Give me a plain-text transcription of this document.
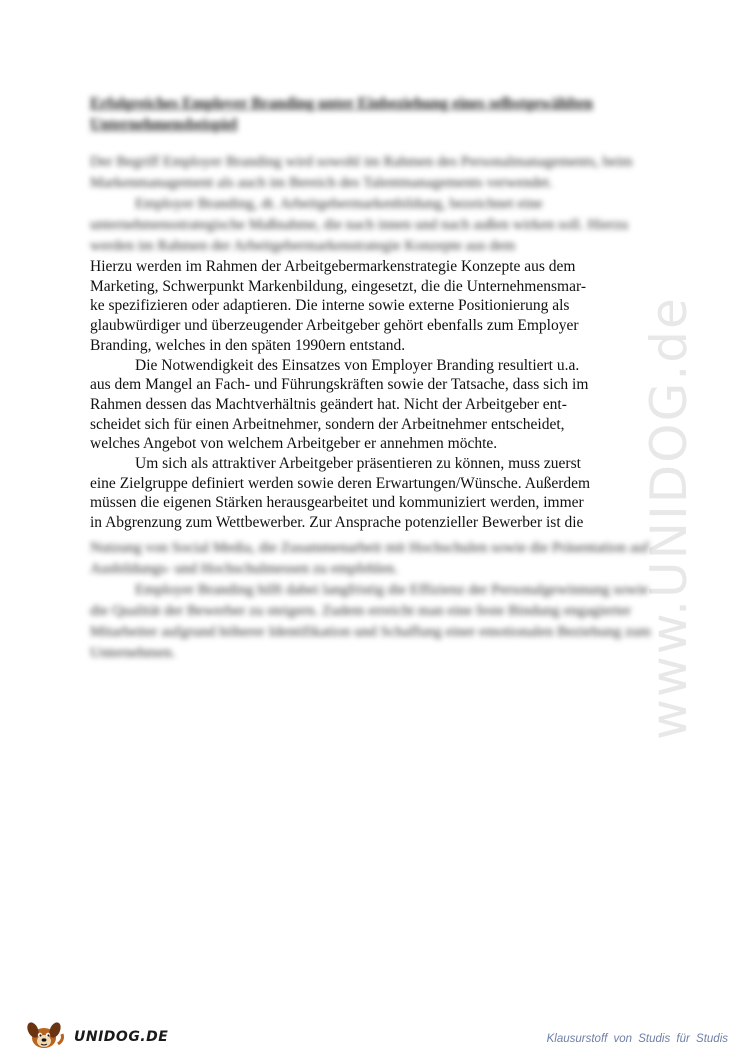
www.UNIDOG.de
Erfolgreiches Employer Branding unter Einbeziehung eines selbstgewählten Unternehmensbeispiel

Der Begriff Employer Branding wird sowohl im Rahmen des Personalmanagements, beim Markenmanagement als auch im Bereich des Talentmanagements verwendet.

Employer Branding, dt. Arbeitgebermarkenbildung, bezeichnet eine unternehmensstrategische Maßnahme, die nach innen und nach außen wirken soll. Hierzu werden im Rahmen der Arbeitgebermarkenstrategie Konzepte aus dem

Hierzu werden im Rahmen der Arbeitgebermarkenstrategie Konzepte aus dem

Marketing, Schwerpunkt Markenbildung, eingesetzt, die die Unternehmensmar-

ke spezifizieren oder adaptieren. Die interne sowie externe Positionierung als

glaubwürdiger und überzeugender Arbeitgeber gehört ebenfalls zum Employer

Branding, welches in den späten 1990ern entstand.

Die Notwendigkeit des Einsatzes von Employer Branding resultiert u.a.

aus dem Mangel an Fach- und Führungskräften sowie der Tatsache, dass sich im

Rahmen dessen das Machtverhältnis geändert hat. Nicht der Arbeitgeber ent-

scheidet sich für einen Arbeitnehmer, sondern der Arbeitnehmer entscheidet,

welches Angebot von welchem Arbeitgeber er annehmen möchte.

Um sich als attraktiver Arbeitgeber präsentieren zu können, muss zuerst

eine Zielgruppe definiert werden sowie deren Erwartungen/Wünsche. Außerdem

müssen die eigenen Stärken herausgearbeitet und kommuniziert werden, immer

in Abgrenzung zum Wettbewerber. Zur Ansprache potenzieller Bewerber ist die

Nutzung von Social Media, die Zusammenarbeit mit Hochschulen sowie die Präsentation auf Ausbildungs- und Hochschulmessen zu empfehlen.

Employer Branding hilft dabei langfristig die Effizienz der Personalgewinnung sowie die Qualität der Bewerber zu steigern. Zudem erreicht man eine feste Bindung engagierter Mitarbeiter aufgrund höherer Identifikation und Schaffung einer emotionalen Beziehung zum Unternehmen.

UNIDOG.DE	Klausurstoff von Studis für Studis
